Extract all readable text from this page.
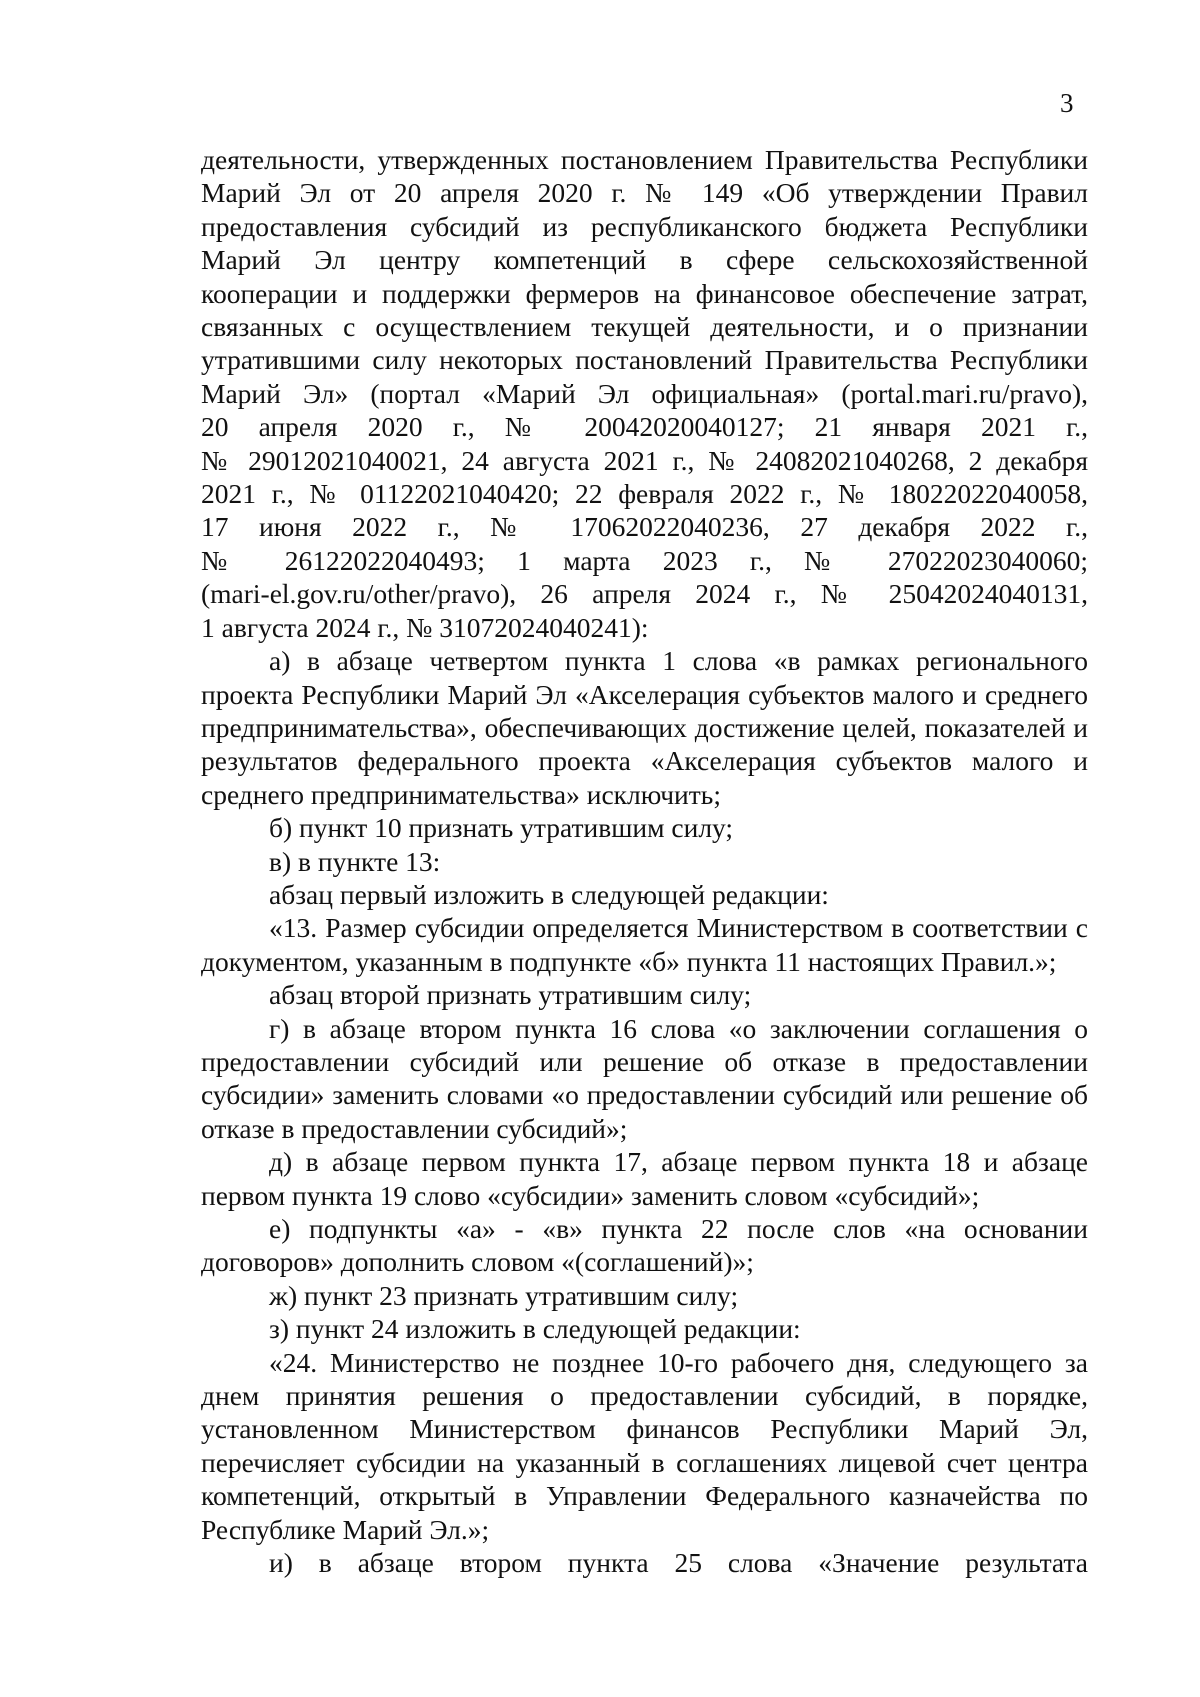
3

деятельности, утвержденных постановлением Правительства Республики
Марий Эл от 20 апреля 2020 г. № 149 «Об утверждении Правил
предоставления субсидий из республиканского бюджета Республики
Марий Эл центру компетенций в сфере сельскохозяйственной
кооперации и поддержки фермеров на финансовое обеспечение затрат,
связанных с осуществлением текущей деятельности, и о признании
утратившими силу некоторых постановлений Правительства Республики
Марий Эл» (портал «Марий Эл официальная» (portal.mari.ru/pravo),
20 апреля 2020 г., № 20042020040127; 21 января 2021 г.,
№ 29012021040021, 24 августа 2021 г., № 24082021040268, 2 декабря
2021 г., № 01122021040420; 22 февраля 2022 г., № 18022022040058,
17 июня 2022 г., № 17062022040236, 27 декабря 2022 г.,
№ 26122022040493; 1 марта 2023 г., № 27022023040060;
(mari-el.gov.ru/other/pravo), 26 апреля 2024 г., № 25042024040131,
1 августа 2024 г., № 31072024040241):

а) в абзаце четвертом пункта 1 слова «в рамках регионального проекта Республики Марий Эл «Акселерация субъектов малого и среднего предпринимательства», обеспечивающих достижение целей, показателей и результатов федерального проекта «Акселерация субъектов малого и среднего предпринимательства» исключить;

б) пункт 10 признать утратившим силу;

в) в пункте 13:

абзац первый изложить в следующей редакции:

«13. Размер субсидии определяется Министерством в соответствии с документом, указанным в подпункте «б» пункта 11 настоящих Правил.»;

абзац второй признать утратившим силу;

г) в абзаце втором пункта 16 слова «о заключении соглашения о предоставлении субсидий или решение об отказе в предоставлении субсидии» заменить словами «о предоставлении субсидий или решение об отказе в предоставлении субсидий»;

д) в абзаце первом пункта 17, абзаце первом пункта 18 и абзаце первом пункта 19 слово «субсидии» заменить словом «субсидий»;

е) подпункты «а» - «в» пункта 22 после слов «на основании договоров» дополнить словом «(соглашений)»;

ж) пункт 23 признать утратившим силу;

з) пункт 24 изложить в следующей редакции:

«24. Министерство не позднее 10-го рабочего дня, следующего за днем принятия решения о предоставлении субсидий, в порядке, установленном Министерством финансов Республики Марий Эл, перечисляет субсидии на указанный в соглашениях лицевой счет центра компетенций, открытый в Управлении Федерального казначейства по Республике Марий Эл.»;

и) в абзаце втором пункта 25 слова «Значение результата
